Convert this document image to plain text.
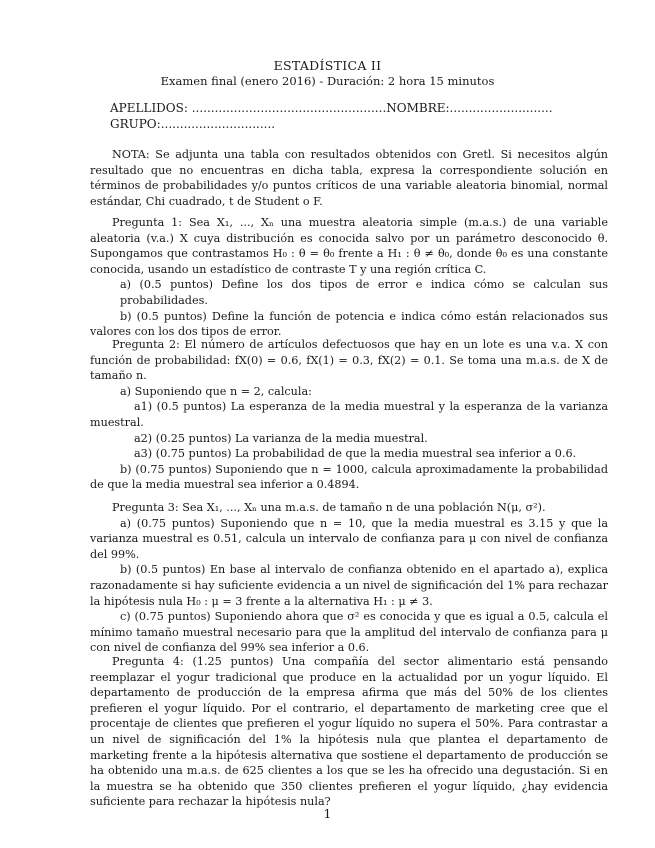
ESTADÍSTICA II
Examen final (enero 2016) - Duración: 2 hora 15 minutos
APELLIDOS: ...................................................NOMBRE:...........................
GRUPO:..............................

NOTA: Se adjunta una tabla con resultados obtenidos con Gretl. Si necesitos algún resultado que no encuentras en dicha tabla, expresa la correspondiente solución en términos de probabilidades y/o puntos críticos de una variable aleatoria binomial, normal estándar, Chi cuadrado, t de Student o F.

Pregunta 1: Sea X₁, ..., Xₙ una muestra aleatoria simple (m.a.s.) de una variable aleatoria (v.a.) X cuya distribución es conocida salvo por un parámetro desconocido θ. Supongamos que contrastamos H₀ : θ = θ₀ frente a H₁ : θ ≠ θ₀, donde θ₀ es una constante conocida, usando un estadístico de contraste T y una región crítica C.

a) (0.5 puntos) Define los dos tipos de error e indica cómo se calculan sus probabilidades.

b) (0.5 puntos) Define la función de potencia e indica cómo están relacionados sus valores con los dos tipos de error.

Pregunta 2: El número de artículos defectuosos que hay en un lote es una v.a. X con función de probabilidad: fX(0) = 0.6, fX(1) = 0.3, fX(2) = 0.1. Se toma una m.a.s. de X de tamaño n.

a) Suponiendo que n = 2, calcula:

a1) (0.5 puntos) La esperanza de la media muestral y la esperanza de la varianza muestral.

a2) (0.25 puntos) La varianza de la media muestral.

a3) (0.75 puntos) La probabilidad de que la media muestral sea inferior a 0.6.

b) (0.75 puntos) Suponiendo que n = 1000, calcula aproximadamente la probabilidad de que la media muestral sea inferior a 0.4894.

Pregunta 3: Sea X₁, ..., Xₙ una m.a.s. de tamaño n de una población N(μ, σ²).

a) (0.75 puntos) Suponiendo que n = 10, que la media muestral es 3.15 y que la varianza muestral es 0.51, calcula un intervalo de confianza para μ con nivel de confianza del 99%.

b) (0.5 puntos) En base al intervalo de confianza obtenido en el apartado a), explica razonadamente si hay suficiente evidencia a un nivel de significación del 1% para rechazar la hipótesis nula H₀ : μ = 3 frente a la alternativa H₁ : μ ≠ 3.

c) (0.75 puntos) Suponiendo ahora que σ² es conocida y que es igual a 0.5, calcula el mínimo tamaño muestral necesario para que la amplitud del intervalo de confianza para μ con nivel de confianza del 99% sea inferior a 0.6.

Pregunta 4: (1.25 puntos) Una compañía del sector alimentario está pensando reemplazar el yogur tradicional que produce en la actualidad por un yogur líquido. El departamento de producción de la empresa afirma que más del 50% de los clientes prefieren el yogur líquido. Por el contrario, el departamento de marketing cree que el procentaje de clientes que prefieren el yogur líquido no supera el 50%. Para contrastar a un nivel de significación del 1% la hipótesis nula que plantea el departamento de marketing frente a la hipótesis alternativa que sostiene el departamento de producción se ha obtenido una m.a.s. de 625 clientes a los que se les ha ofrecido una degustación. Si en la muestra se ha obtenido que 350 clientes prefieren el yogur líquido, ¿hay evidencia suficiente para rechazar la hipótesis nula?

1
